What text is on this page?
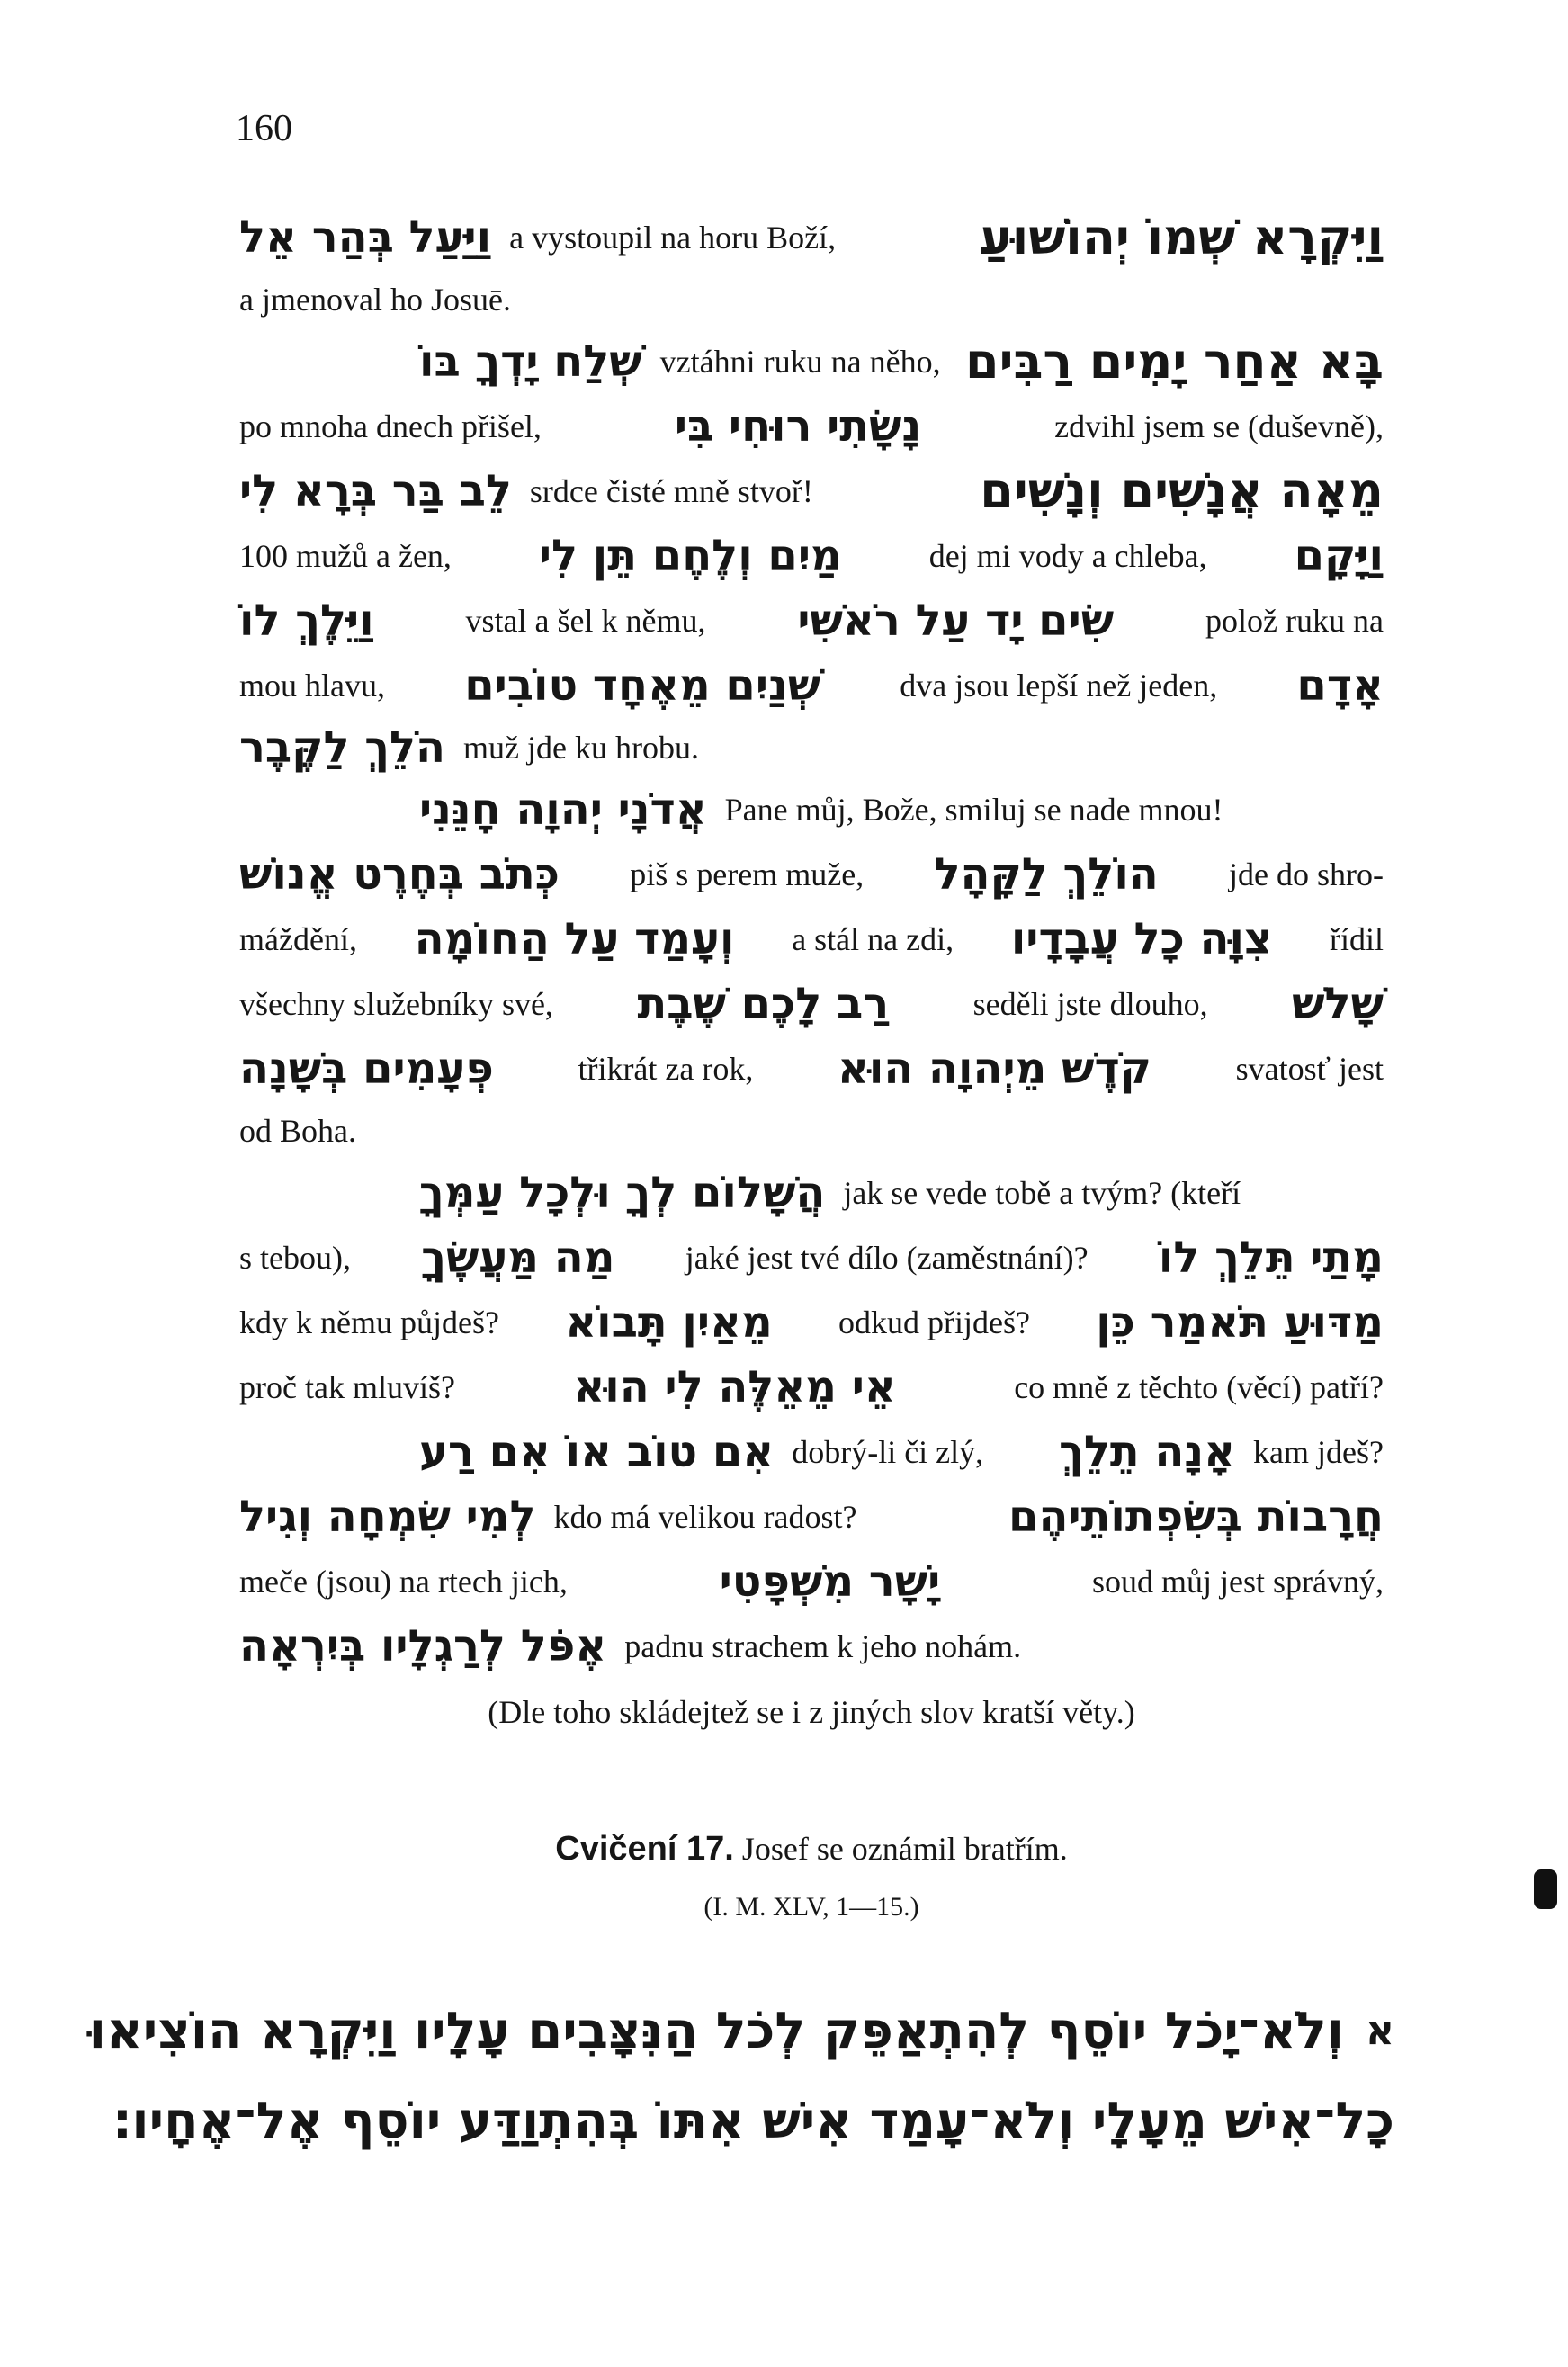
160
וַיַּעַל בְּהַר אֵל a vystoupil na horu Boží,	וַיִּקְרָא שְׁמוֹ יְהוֹשׁוּעַ
a jmenoval ho Josuē.
שְׁלַח יָדְךָ בּוֹ vztáhni ruku na něho, בָּא אַחַר יָמִים רַבִּים
po mnoha dnech přišel,	נָשָׂתִי רוּחִי בִּי	zdvihl jsem se (duševně),
לֵב בַּר בְּרָא לִי srdce čisté mně stvoř!	מֵאָה אֲנָשִׁים וְנָשִׁים
100 mužů a žen, מַיִם וְלֶחֶם תֵּן לִי	dej mi vody a chleba, וַיָּקָם
וַיֵּלֶךְ לוֹ	vstal a šel k němu, שִׂים יָד עַל רֹאשִׁי	polož ruku na
mou hlavu, שְׁנַיִם מֵאֶחָד טוֹבִים dva jsou lepší než jeden, אָדָם
הֹלֵךְ לַקֶּבֶר muž jde ku hrobu.
אֲדֹנָי יְהוָה חָנֵּנִי Pane můj, Bože, smiluj se nade mnou!
כְּתֹב בְּחֶרֶט אֱנוֹשׁ piš s perem muže, הוֹלֵךְ לַקָּהָל jde do shro-
máždění, וְעָמַד עַל הַחוֹמָה a stál na zdi, צִוָּה כָל עֲבָדָיו řídil
všechny služebníky své, רַב לָכֶם שֶׁבֶת	seděli jste dlouho, שָׁלֹשׁ
פְּעָמִים בְּשָׁנָה	třikrát za rok, קֹדֶשׁ מֵיְהוָה הוּא	svatosť jest
od Boha.
הֲשָׁלוֹם לְךָ וּלְכָל עַמְּךָ jak se vede tobě a tvým? (kteří
s tebou), מַה מַּעֲשֶׂךָ jaké jest tvé dílo (zaměstnání)? מָתַי תֵּלֵךְ לוֹ
kdy k němu půjdeš? מֵאַיִן תָּבוֹא odkud přijdeš? מַדּוּעַ תֹּאמַר כֵּן
proč tak mluvíš?	אֵי מֵאֵלֶּה לִי הוּא	co mně z těchto (věcí) patří?
אִם טוֹב אוֹ אִם רַע dobrý-li či zlý, אָנָה תֵלֵךְ kam jdeš?
לְמִי שִׂמְחָה וְגִיל kdo má velikou radost?	חֲרָבוֹת בְּשִׂפְתוֹתֵיהֶם
meče (jsou) na rtech jich,	יָשָׁר מִשְׁפָּטִי	soud můj jest správný,
אֶפֹּל לְרַגְלָיו בְּיִרְאָה padnu strachem k jeho nohám.
(Dle toho skládejtež se i z jiných slov kratší věty.)
Cvičení 17. Josef se oznámil bratřím.
(I. M. XLV, 1—15.)
א
וְלֹא־יָכֹל יוֹסֵף לְהִתְאַפֵּק לְכֹל הַנִּצָּבִים עָלָיו וַיִּקְרָא הוֹצִיאוּ
כָל־אִישׁ מֵעָלָי וְלֹא־עָמַד אִישׁ אִתּוֹ בְּהִתְוַדַּע יוֹסֵף אֶל־אֶחָיו׃
